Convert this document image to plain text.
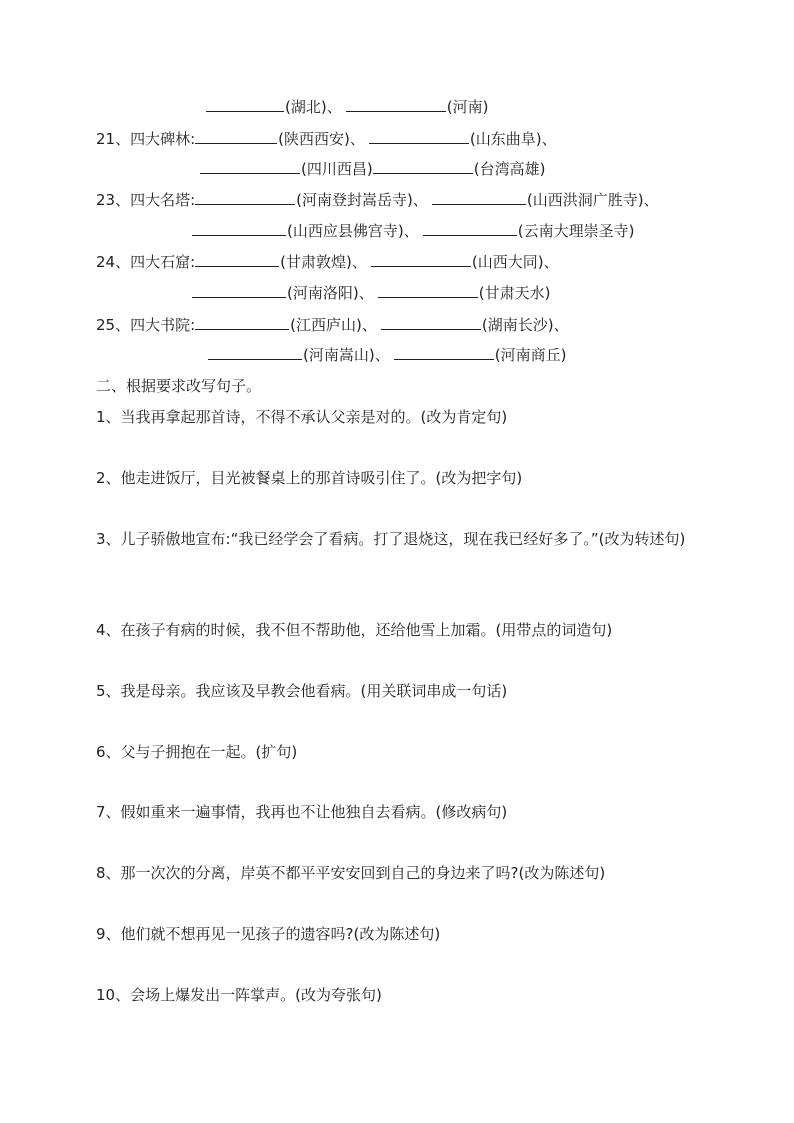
(湖北)、	(河南)
21、四大碑林:	(陕西西安)、	(山东曲阜)、
(四川西昌)	(台湾高雄)
23、四大名塔:	(河南登封嵩岳寺)、	(山西洪洞广胜寺)、
(山西应县佛宫寺)、	(云南大理崇圣寺)
24、四大石窟:	(甘肃敦煌)、	(山西大同)、
(河南洛阳)、	(甘肃天水)
25、四大书院:	(江西庐山)、	(湖南长沙)、
(河南嵩山)、	(河南商丘)
二、根据要求改写句子。
1、当我再拿起那首诗，不得不承认父亲是对的。(改为肯定句)
2、他走进饭厅，目光被餐桌上的那首诗吸引住了。(改为把字句)
3、儿子骄傲地宣布:“我已经学会了看病。打了退烧这，现在我已经好多了。”(改为转述句)
4、在孩子有病的时候，我不但不帮助他，还给他雪上加霜。(用带点的词造句)
5、我是母亲。我应该及早教会他看病。(用关联词串成一句话)
6、父与子拥抱在一起。(扩句)
7、假如重来一遍事情，我再也不让他独自去看病。(修改病句)
8、那一次次的分离，岸英不都平平安安回到自己的身边来了吗?(改为陈述句)
9、他们就不想再见一见孩子的遗容吗?(改为陈述句)
10、会场上爆发出一阵掌声。(改为夸张句)
